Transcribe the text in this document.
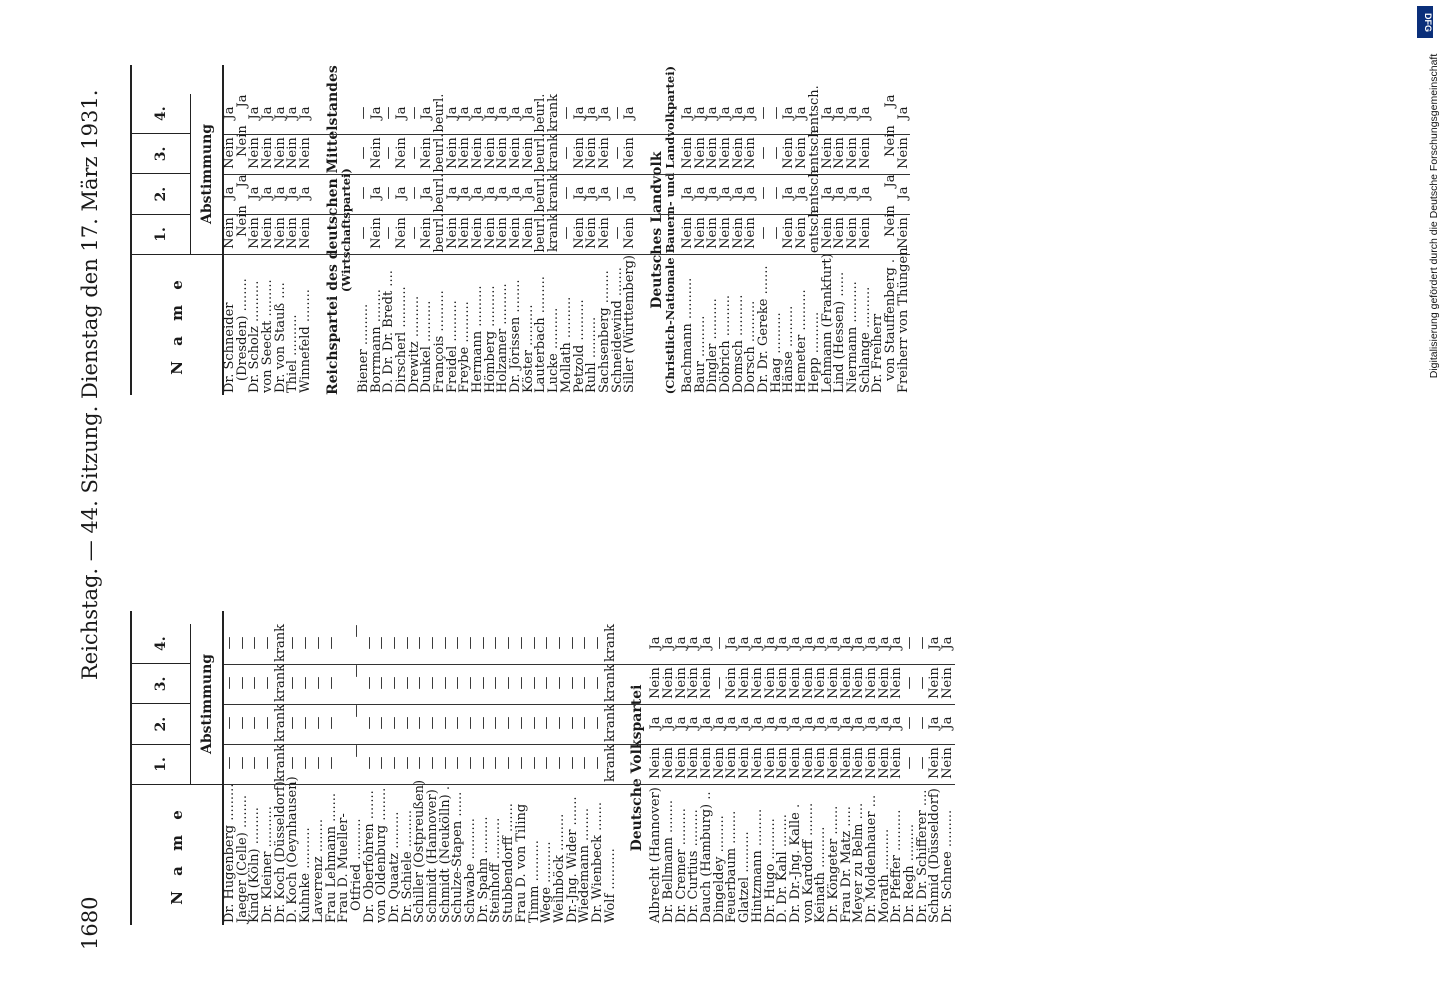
1680
Reichstag. — 44. Sitzung. Dienstag den 17. März 1931.
N a m e
1.
2.
3.
4.
Abstimmung
Dr. Hugenberg .........
—
—
—
—
Jaeger (Celle) ........
—
—
—
—
Kind (Köln) .........
—
—
—
—
Dr. Kleiner ..........
—
—
—
—
Dr. Koch (Düsseldorf)
krank
krank
krank
krank
D. Koch (Oeynhausen)
—
—
—
—
Kuhnke ..........
—
—
—
—
Laverrenz ........
—
—
—
—
Frau Lehmann .......
—
—
—
—
Frau D. Mueller-
Otfried ..........
—
—
—
—
Dr. Oberfohren .......
—
—
—
—
von Oldenburg ........
—
—
—
—
Dr. Quaatz .........
—
—
—
—
Dr. Schiele .........
—
—
—
—
Schiller (Ostpreußen)
—
—
—
—
Schmidt (Hannover)
—
—
—
—
Schmidt (Neukölln) .
—
—
—
—
Schulze-Stapen ......
—
—
—
—
Schwabe ..........
—
—
—
—
Dr. Spahn .........
—
—
—
—
Steinhoff ..........
—
—
—
—
Stubbendorff .......
—
—
—
—
Frau D. von Tiling
—
—
—
—
Timm ..........
—
—
—
—
Wege ..........
—
—
—
—
Weilnböck .........
—
—
—
—
Dr.-Jng. Wider .......
—
—
—
—
Wiedemann ........
—
—
—
—
Dr. Wienbeck .......
—
—
—
—
Wolf ..........
krank
krank
krank
krank
Deutsche Volkspartei
Albrecht (Hannover)
Nein
Ja
Nein
Ja
Dr. Bellmann ........
Nein
Ja
Nein
Ja
Dr. Cremer .........
Nein
Ja
Nein
Ja
Dr. Curtius .........
Nein
Ja
Nein
Ja
Dauch (Hamburg) ..
Nein
Ja
Nein
Ja
Dingeldey .........
Nein
Ja
—
—
Feuerbaum ........
Nein
Ja
Nein
Ja
Glatzel ..........
Nein
Ja
Nein
Ja
Hintzmann .........
Nein
Ja
Nein
Ja
Dr. Hugo ..........
Nein
Ja
Nein
Ja
D. Dr. Kahl ........
Nein
Ja
Nein
Ja
Dr. Dr.-Jng. Kalle .
Nein
Ja
Nein
Ja
von Kardorff ........
Nein
Ja
Nein
Ja
Keinath ..........
Nein
Ja
Nein
Ja
Dr. Köngeter .......
Nein
Ja
Nein
Ja
Frau Dr. Matz .....
Nein
Ja
Nein
Ja
Meyer zu Belm ....
Nein
Ja
Nein
Ja
Dr. Moldenhauer ...
Nein
Ja
Nein
Ja
Morath ..........
Nein
Ja
Nein
Ja
Dr. Pfeffer ..........
Nein
Ja
Nein
Ja
Dr. Regh .........
—
—
—
—
Dr. Dr. Schifferer ....
—
—
—
—
Schmid (Düsseldorf)
Nein
Ja
Nein
Ja
Dr. Schnee .........
Nein
Ja
Nein
Ja
N a m e
1.
2.
3.
4.
Abstimmung
Dr. Schneider
Nein
Ja
Nein
Ja
(Dresden) ........
Nein
Ja
Nein
Ja
Dr. Scholz ..........
Nein
Ja
Nein
Ja
von Seeckt .........
Nein
Ja
Nein
Ja
Dr. von Stauß ....
Nein
Ja
Nein
Ja
Thiel ..........
Nein
Ja
Nein
Ja
Winnefeld ........
Nein
Ja
Nein
Ja Reichspartei des deutschen Mittelstandes
(Wirtschaftspartei)
Biener ..........
—
—
—
—
Borrmann ........
Nein
Ja
Nein
Ja
D. Dr. Dr. Bredt ....
—
—
—
—
Dirscherl ..........
Nein
Ja
Nein
Ja
Drewitz ..........
—
—
—
—
Dunkel ..........
Nein
Ja
Nein
Ja
François ..........
beurl.
beurl.
beurl.
beurl.
Freidel ..........
Nein
Ja
Nein
Ja
Freybe ..........
Nein
Ja
Nein
Ja
Hermann ..........
Nein
Ja
Nein
Ja
Hömberg ..........
Nein
Ja
Nein
Ja
Holzamer ..........
Nein
Ja
Nein
Ja
Dr. Jörissen ........
Nein
Ja
Nein
Ja
Köster ..........
Nein
Ja
Nein
Ja
Lauterbach .........
beurl.
beurl.
beurl.
beurl.
Lucke ..........
krank
krank
krank
krank
Mollath ..........
—
—
—
—
Petzold ..........
Nein
Ja
Nein
Ja
Ruhl ..........
Nein
Ja
Nein
Ja
Sachsenberg ........
Nein
Ja
Nein
Ja
Schneidewind .......
—
—
—
—
Siller (Württemberg)
Nein
Ja
Nein
Ja
Deutsches Landvolk
(Christlich-Nationale Bauern- und Landvolkpartei) Bachmann ..........
Nein
Ja
Nein
Ja
Baur ..........
Nein
Ja
Nein
Ja
Dingler ..........
Nein
Ja
Nein
Ja
Döbrich ..........
Nein
Ja
Nein
Ja
Domsch ..........
Nein
Ja
Nein
Ja
Dorsch ..........
Nein
Ja
Nein
Ja
Dr. Dr. Gereke .......
—
—
—
—
Haag ..........
—
—
—
—
Hänse ..........
Nein
Ja
Nein
Ja
Hemeter ..........
Nein
Ja
Nein
Ja
Hepp ..........
entsch.
entsch.
entsch.
entsch.
Lehmann (Frankfurt)
Nein
Ja
Nein
Ja
Lind (Hessen) ......
Nein
Ja
Nein
Ja
Niermann ..........
Nein
Ja
Nein
Ja
Schlange ..........
Nein
Ja
Nein
Ja
Dr. Freiherr
von Stauffenberg .
Nein
Ja
Nein
Ja
Freiherr von Thüngen
Nein
Ja
Nein
Ja
DFG
Digitalisierung gefördert durch die Deutsche Forschungsgemeinschaft
